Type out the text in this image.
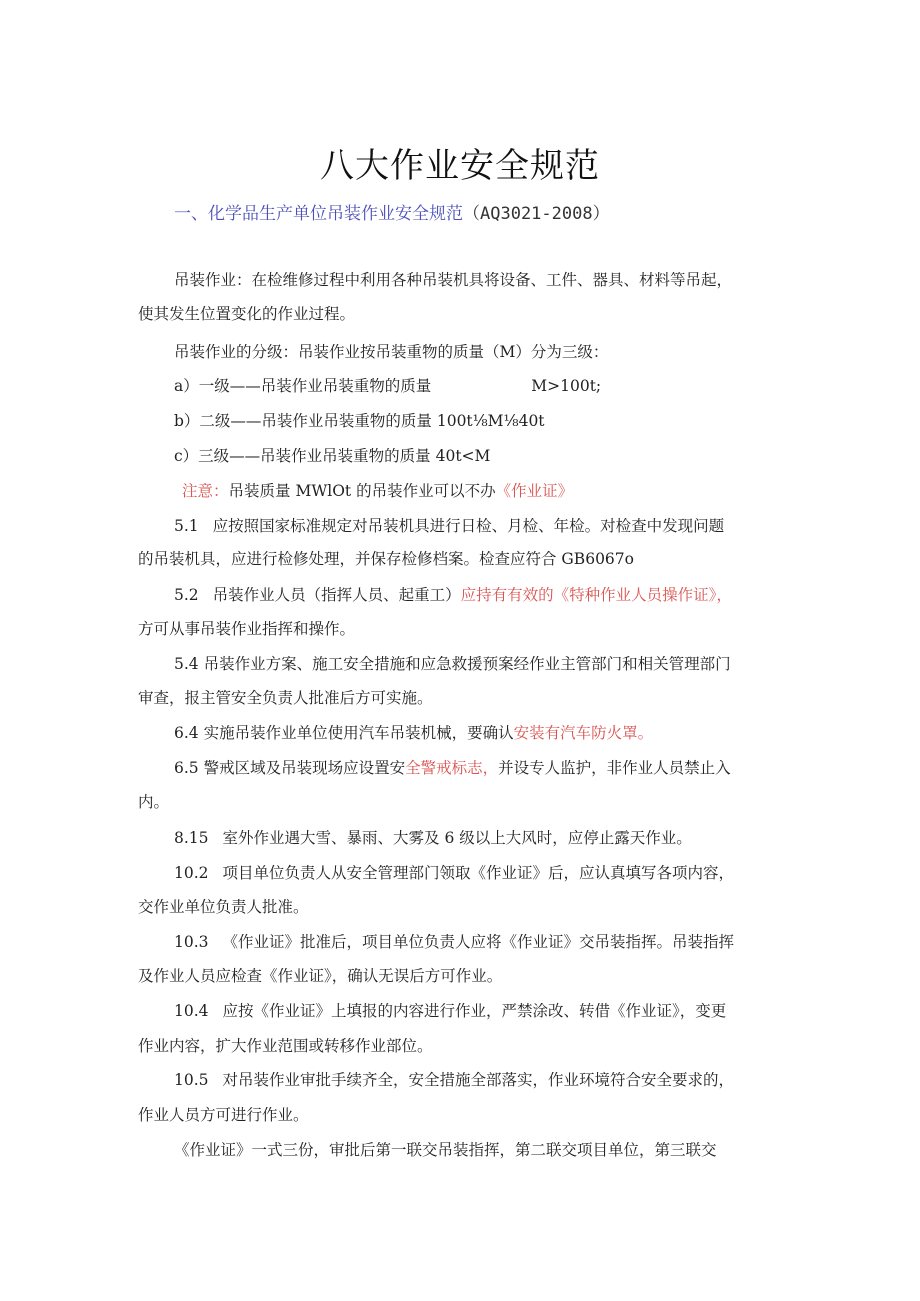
八大作业安全规范
一、化学品生产单位吊装作业安全规范（AQ3021-2008）
吊装作业：在检维修过程中利用各种吊装机具将设备、工件、器具、材料等吊起，
使其发生位置变化的作业过程。
吊装作业的分级：吊装作业按吊装重物的质量（M）分为三级：
a）一级——吊装作业吊装重物的质量	M>100t;
b）二级——吊装作业吊装重物的质量 100t⅛M⅛40t
c）三级——吊装作业吊装重物的质量 40t<M
注意：吊装质量 MWlOt 的吊装作业可以不办《作业证》
5.1 应按照国家标准规定对吊装机具进行日检、月检、年检。对检查中发现问题
的吊装机具，应进行检修处理，并保存检修档案。检查应符合 GB6067o
5.2 吊装作业人员（指挥人员、起重工）应持有有效的《特种作业人员操作证》，
方可从事吊装作业指挥和操作。
5.4 吊装作业方案、施工安全措施和应急救援预案经作业主管部门和相关管理部门
审查，报主管安全负责人批准后方可实施。
6.4 实施吊装作业单位使用汽车吊装机械，要确认安装有汽车防火罩。
6.5 警戒区域及吊装现场应设置安全警戒标志，并设专人监护，非作业人员禁止入
内。
8.15 室外作业遇大雪、暴雨、大雾及 6 级以上大风时，应停止露天作业。
10.2 项目单位负责人从安全管理部门领取《作业证》后，应认真填写各项内容，
交作业单位负责人批准。
10.3 《作业证》批准后，项目单位负责人应将《作业证》交吊装指挥。吊装指挥
及作业人员应检查《作业证》，确认无误后方可作业。
10.4 应按《作业证》上填报的内容进行作业，严禁涂改、转借《作业证》，变更
作业内容，扩大作业范围或转移作业部位。
10.5 对吊装作业审批手续齐全，安全措施全部落实，作业环境符合安全要求的，
作业人员方可进行作业。
《作业证》一式三份，审批后第一联交吊装指挥，第二联交项目单位，第三联交
